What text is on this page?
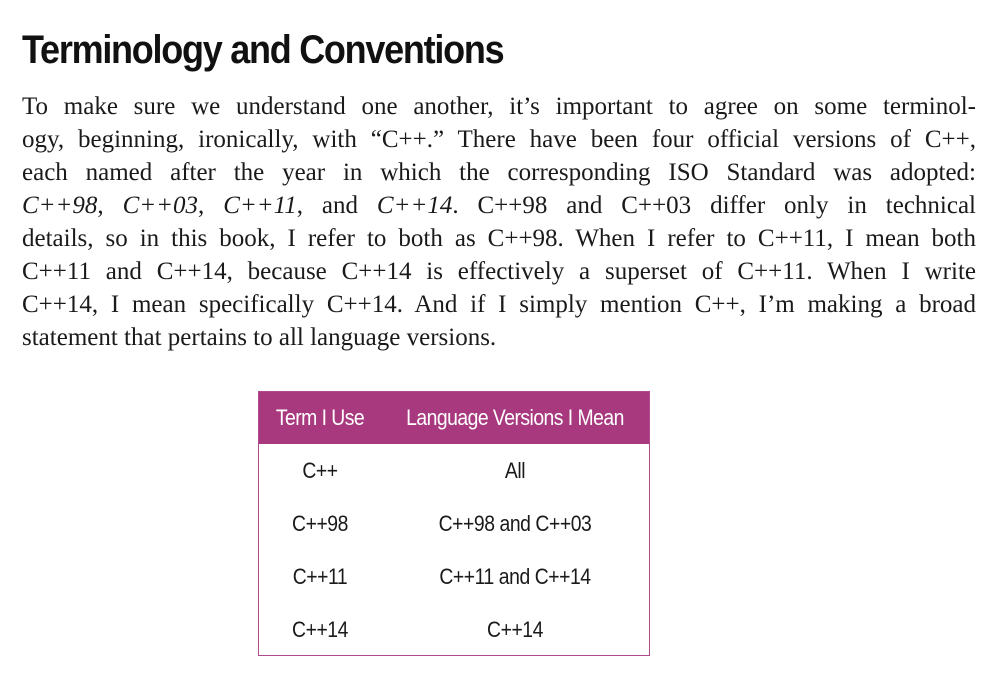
Terminology and Conventions
To make sure we understand one another, it’s important to agree on some terminol-
ogy, beginning, ironically, with “C++.” There have been four official versions of C++,
each named after the year in which the corresponding ISO Standard was adopted:
C++98, C++03, C++11, and C++14. C++98 and C++03 differ only in technical
details, so in this book, I refer to both as C++98. When I refer to C++11, I mean both
C++11 and C++14, because C++14 is effectively a superset of C++11. When I write
C++14, I mean specifically C++14. And if I simply mention C++, I’m making a broad
statement that pertains to all language versions.
Term I Use	Language Versions I Mean
C++	All
C++98	C++98 and C++03
C++11	C++11 and C++14
C++14	C++14
